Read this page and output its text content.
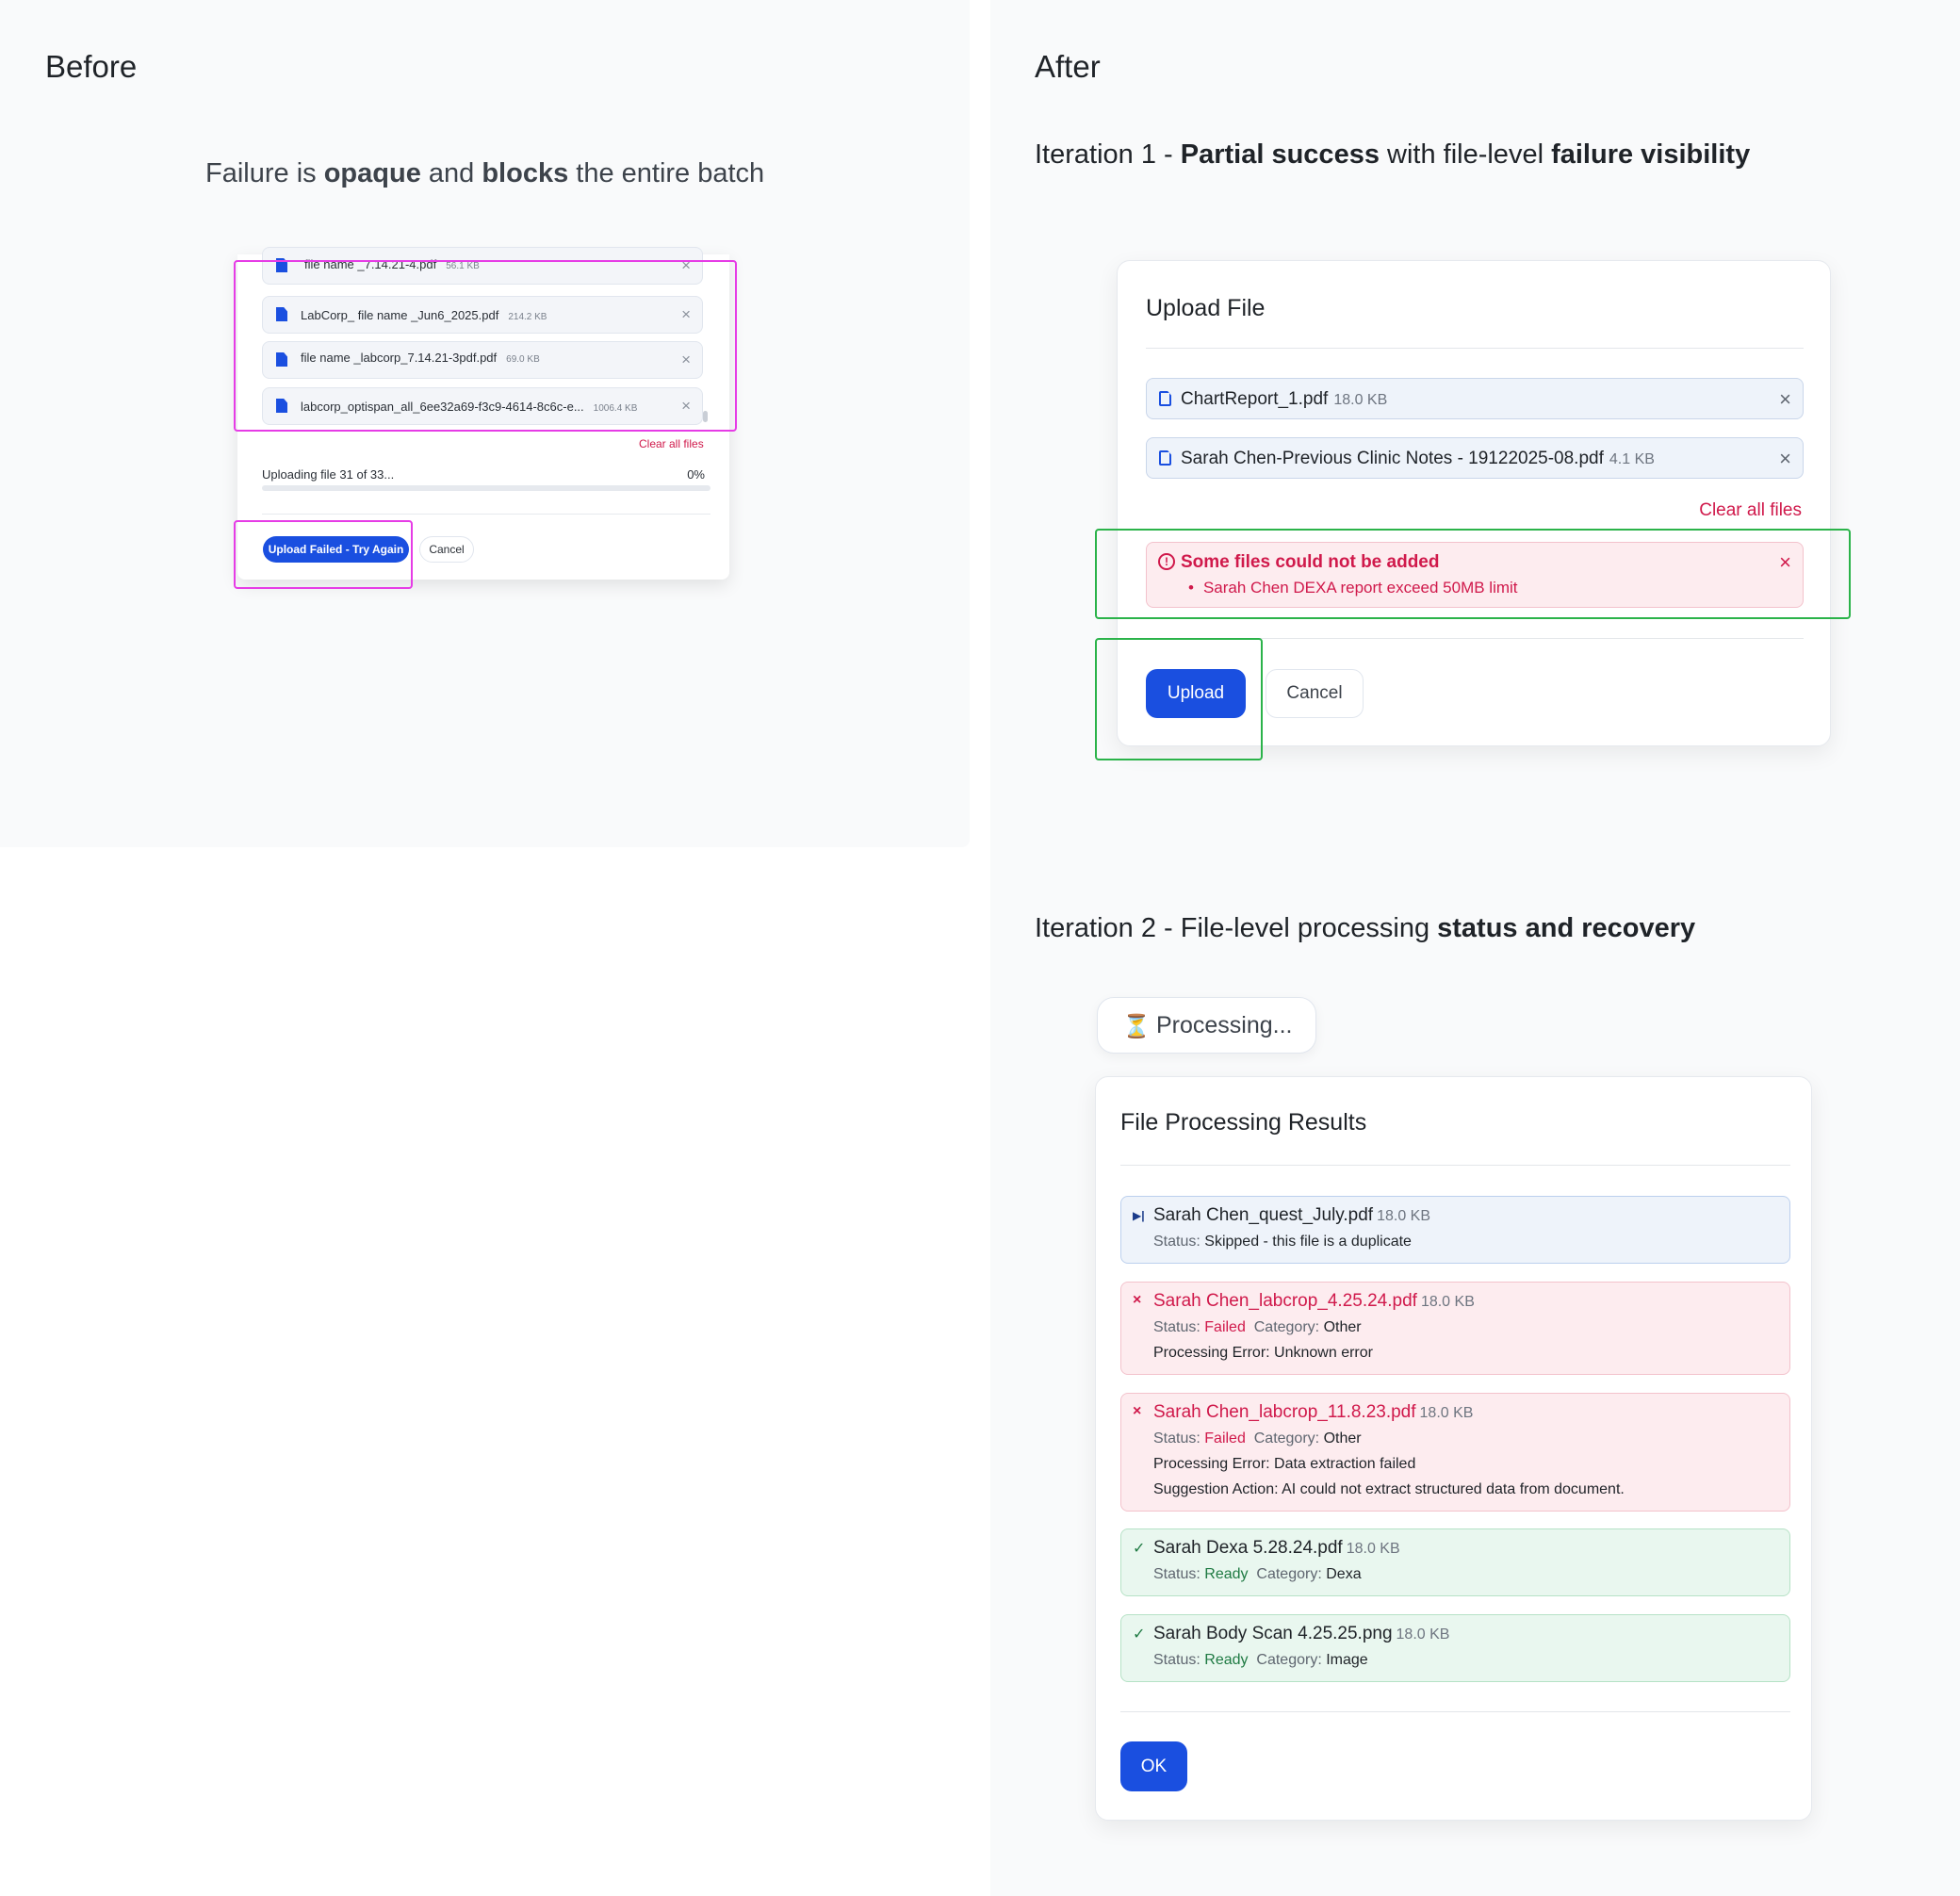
Before
Failure is opaque and blocks the entire batch
file name _7.14.21-4.pdf 56.1 KB	×
LabCorp_ file name _Jun6_2025.pdf 214.2 KB	×
file name _labcorp_7.14.21-3pdf.pdf 69.0 KB	×
labcorp_optispan_all_6ee32a69-f3c9-4614-8c6c-e... 1006.4 KB	×
Clear all files
Uploading file 31 of 33...	0%
Upload Failed - Try Again	Cancel
After
Iteration 1 - Partial success with file-level failure visibility
Upload File
ChartReport_1.pdf 18.0 KB	×
Sarah Chen-Previous Clinic Notes - 19122025-08.pdf 4.1 KB	×
Clear all files
! Some files could not be added
• Sarah Chen DEXA report exceed 50MB limit
×
Upload	Cancel
Iteration 2 - File-level processing status and recovery
⏳ Processing...
File Processing Results
▶| Sarah Chen_quest_July.pdf 18.0 KB
Status: Skipped - this file is a duplicate
× Sarah Chen_labcrop_4.25.24.pdf 18.0 KB
Status: Failed Category: Other
Processing Error: Unknown error
× Sarah Chen_labcrop_11.8.23.pdf 18.0 KB
Status: Failed Category: Other
Processing Error: Data extraction failed
Suggestion Action: AI could not extract structured data from document.
✓ Sarah Dexa 5.28.24.pdf 18.0 KB
Status: Ready Category: Dexa
✓ Sarah Body Scan 4.25.25.png 18.0 KB
Status: Ready Category: Image
OK
